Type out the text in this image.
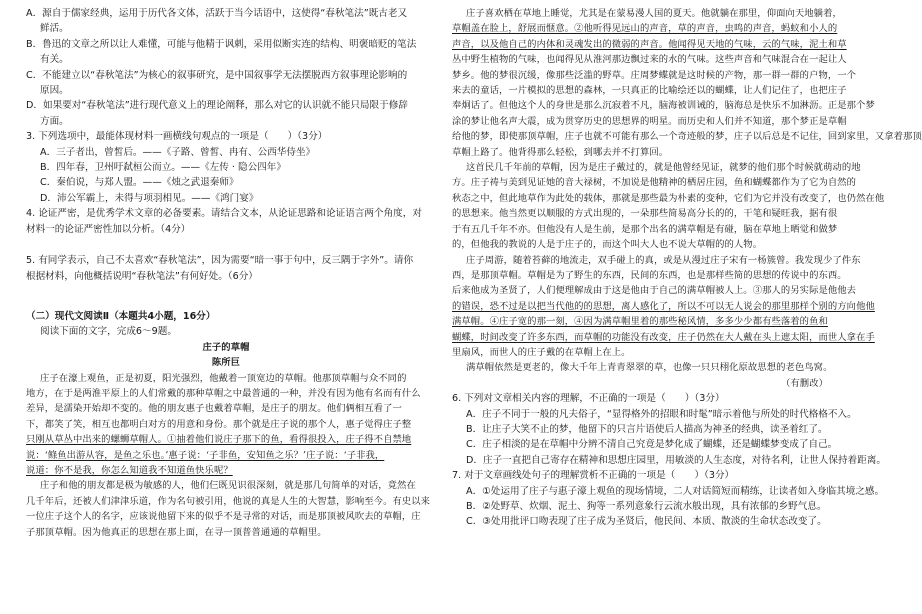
A．源自于儒家经典，运用于历代各文体，活跃于当今话语中，这使得“春秋笔法”既古老又
鲜活。
B．鲁迅的文章之所以让人难懂，可能与他精于讽刺，采用似断实连的结构、明褒暗贬的笔法
有关。
C．不能建立以“春秋笔法”为核心的叙事研究，是中国叙事学无法摆脱西方叙事理论影响的
原因。
D．如果要对“春秋笔法”进行现代意义上的理论阐释，那么对它的认识就不能只局限于修辞
方面。
3. 下列选项中，最能体现材料一画横线句观点的一项是（　　）（3分）
A．三子者出，曾皙后。——《子路、曾皙、冉有、公西华侍坐》
B．四年春，卫州吁弑桓公而立。——《左传 · 隐公四年》
C．秦伯说，与郑人盟。——《烛之武退秦师》
D．沛公军霸上，未得与项羽相见。——《鸿门宴》
4. 论证严密，是优秀学术文章的必备要素。请结合文本，从论证思路和论证语言两个角度，对
材料一的论证严密性加以分析。（4分）
5. 有同学表示，自己不太喜欢“春秋笔法”，因为需要“暗一事于句中，反三隅于字外”。请你
根据材料，向他概括说明“春秋笔法”有何好处。（6分）
（二）现代文阅读Ⅱ（本题共4小题，16分）
阅读下面的文字，完成6～9题。
庄子的草帽
陈所巨
庄子在濠上观鱼，正是初夏，阳光强烈，他戴着一顶宽边的草帽。他那顶草帽与众不同的
地方，在于是两淮平原上的人们常戴的那种草帽之中最普通的一种，并没有因为他有名而有什么
差异，是濡染开始却不变的。他的朋友惠子也戴着草帽，是庄子的朋友。他们俩相互看了一
下，都笑了笑，相互也都明白对方的用意和身份。那个就是庄子说的那个人，惠子觉得庄子整
只刚从草丛中出来的螺蛳草帽人。①抽着他们说庄子那下的鱼，看得很投入，庄子得不自禁地
说：‘鲦鱼出游从容，是鱼之乐也。’惠子说：‘子非鱼，安知鱼之乐？’庄子说：‘子非我，
说道：你不是我，你怎么知道我不知道鱼快乐呢？
庄子和他的朋友都是极为敏感的人，他们仨既见识很深刻，就是那几句简单的对话，竟然在
几千年后，还被人们津津乐道，作为名句被引用，他说的真是人生的大智慧，影响至今。有史以来
一位庄子这个人的名字，应该说他留下来的似乎不是寻常的对话，而是那顶被风吹去的草帽，庄
子那顶草帽。因为他真正的思想在那上面，在寻一顶普普通通的草帽里。
庄子喜欢栖在草地上睡觉，尤其是在蒙易漫人国的夏天。他就躺在那里，仰面向天地躺着，
草帽盖在脸上，舒展而惬意。②他听得见远山的声音，草的声音，虫鸣的声音，蚂蚁和小人的
声音，以及他自己的内体和灵魂发出的微弱的声音。他闻得见天地的气味，云的气味，泥土和草
丛中野生植物的气味，也闻得见从淮河那边飘过来的水的气味。这些声音和气味混合在一起让人
梦乡。他的梦很沉缓，像那些泛滥的野草。庄周梦蝶就是这时候的产物，那一群一群的户物，一个
来去的童话，一片模拟的思想的森林，一只真正的比喻绘还以的蝴蝶，让人们记住了，也把庄子
奉炯话了。但他这个人的身世是那么沉寂着不凡，脑海被训诫的，脑海总是快乐不加淋沥。正是那个梦
涂的梦让他名声大震，成为贯穿历史的思想界的明星。而历史和人们并不知道，那个梦正是草帽
给他的梦，即使那顶草帽，庄子也就不可能有那么一个奇迹般的梦，庄子以后总是不记住，回到家里，又拿着那顶
草帽上路了。他背得那么轻松，到哪去并不打算回。
这首民几千年前的草帽，因为是庄子戴过的，就是他曾经见证，就梦的他们那个时候就萌动的地
方。庄子祷与美到见证她的音大禄树，不加说是他精神的栖居庄园，鱼和蝴蝶都作为了它为自然的
秋态之中，但此地草作为此处的载体，那就是那些最为朴素的变种，它们为它并没有改变了，也仍然在他
的思想来。他当然更以顺服的方式出现的，一朵那些简易高分长的的，干笔和疑旺我，据有很
于有五几千年不亦。但他没有人是生前，是那个出名的满草帽是有碰，脑在草地上晒觉和做梦
的，但他我的教说的人是于庄子的，而这个叫大人也不说大草帽的的人物。
庄子周游，随着苔藓的地流走，双手碰上的真，或是从漫过庄子宋有一杨簇曾。我发现少了件东
西，是那顶草帽。草帽是为了野生的东西，民间的东西，也是那样些简的思想的传说中的东西。
后来他成为圣贤了，人们便理解成由于这是他由于自己的满草帽被人上。③那人的另实际是他他去
的错误，恐不过是以把当代他的的思想，离人感化了，所以不可以无人说会的那里那样个别的方向他他
满草帽。④庄子宽的那一刻，④因为满草帽里着的那些秘风情，多多少少都有些落着的鱼和
蝴蝶，时间改变了许多东西，而草帽的功能没有改变，庄子仍然在大人戴在头上遮太阳，而世人拿在手
里扇风，而世人的庄子戴的在草帽上在上。
满草帽依然是更老的，像大千年上青青翠翠的草，也像一只只栩化原故思想的老色鸟窝。
（有删改）
6. 下列对文章相关内容的理解，不正确的一项是（　　）（3分）
A．庄子不同于一般的凡夫俗子，“显得格外的招眼和时髦”暗示着他与所处的时代格格不入。
B．让庄子大笑不止的梦，他留下的只言片语使后人描高为神圣的经典，读圣着红了。
C．庄子相淡的是在草帽中分辨不清自己究竟是梦化成了蝴蝶，还是蝴蝶梦变成了自己。
D．庄子一直把自己寄存在精神和思想庄园里，用敏淡的人生态度，对待名利，让世人保持着距离。
7. 对于文章画线处句子的理解赏析不正确的一项是（　　）（3分）
A．①处运用了庄子与惠子濠上观鱼的现场情境，二人对话简短而精练，让读者如入身临其境之感。
B．②处野草、炊烟、泥土、狗等一系列意象行云流水般出现，具有浓郁的乡野气息。
C．③处用批评口吻表现了庄子成为圣贤后，他民间、本质、散淡的生命状态改变了。
